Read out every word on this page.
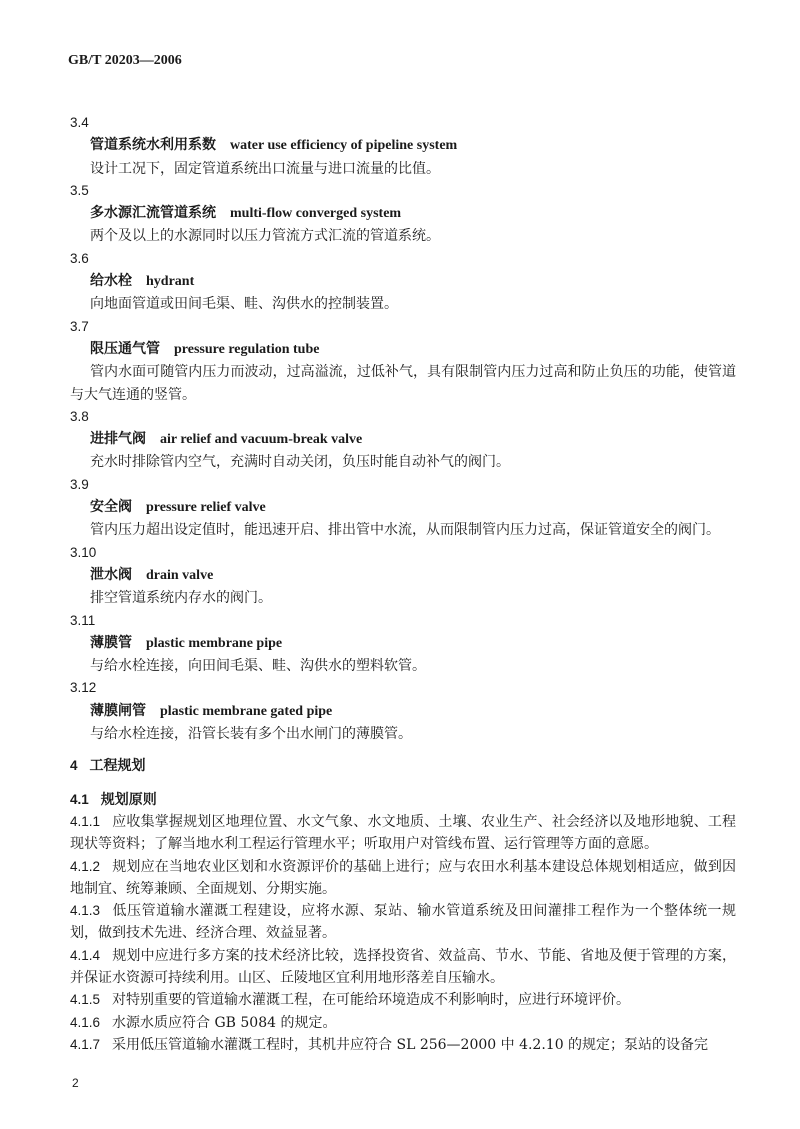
GB/T 20203—2006
3.4
管道系统水利用系数 water use efficiency of pipeline system
设计工况下，固定管道系统出口流量与进口流量的比值。
3.5
多水源汇流管道系统 multi-flow converged system
两个及以上的水源同时以压力管流方式汇流的管道系统。
3.6
给水栓 hydrant
向地面管道或田间毛渠、畦、沟供水的控制装置。
3.7
限压通气管 pressure regulation tube
管内水面可随管内压力而波动，过高溢流，过低补气，具有限制管内压力过高和防止负压的功能，使管道与大气连通的竖管。
3.8
进排气阀 air relief and vacuum-break valve
充水时排除管内空气，充满时自动关闭，负压时能自动补气的阀门。
3.9
安全阀 pressure relief valve
管内压力超出设定值时，能迅速开启、排出管中水流，从而限制管内压力过高，保证管道安全的阀门。
3.10
泄水阀 drain valve
排空管道系统内存水的阀门。
3.11
薄膜管 plastic membrane pipe
与给水栓连接，向田间毛渠、畦、沟供水的塑料软管。
3.12
薄膜闸管 plastic membrane gated pipe
与给水栓连接，沿管长装有多个出水闸门的薄膜管。
4 工程规划
4.1 规划原则
4.1.1 应收集掌握规划区地理位置、水文气象、水文地质、土壤、农业生产、社会经济以及地形地貌、工程现状等资料；了解当地水利工程运行管理水平；听取用户对管线布置、运行管理等方面的意愿。
4.1.2 规划应在当地农业区划和水资源评价的基础上进行；应与农田水利基本建设总体规划相适应，做到因地制宜、统筹兼顾、全面规划、分期实施。
4.1.3 低压管道输水灌溉工程建设，应将水源、泵站、输水管道系统及田间灌排工程作为一个整体统一规划，做到技术先进、经济合理、效益显著。
4.1.4 规划中应进行多方案的技术经济比较，选择投资省、效益高、节水、节能、省地及便于管理的方案，并保证水资源可持续利用。山区、丘陵地区宜利用地形落差自压输水。
4.1.5 对特别重要的管道输水灌溉工程，在可能给环境造成不利影响时，应进行环境评价。
4.1.6 水源水质应符合 GB 5084 的规定。
4.1.7 采用低压管道输水灌溉工程时，其机井应符合 SL 256—2000 中 4.2.10 的规定；泵站的设备完
2
